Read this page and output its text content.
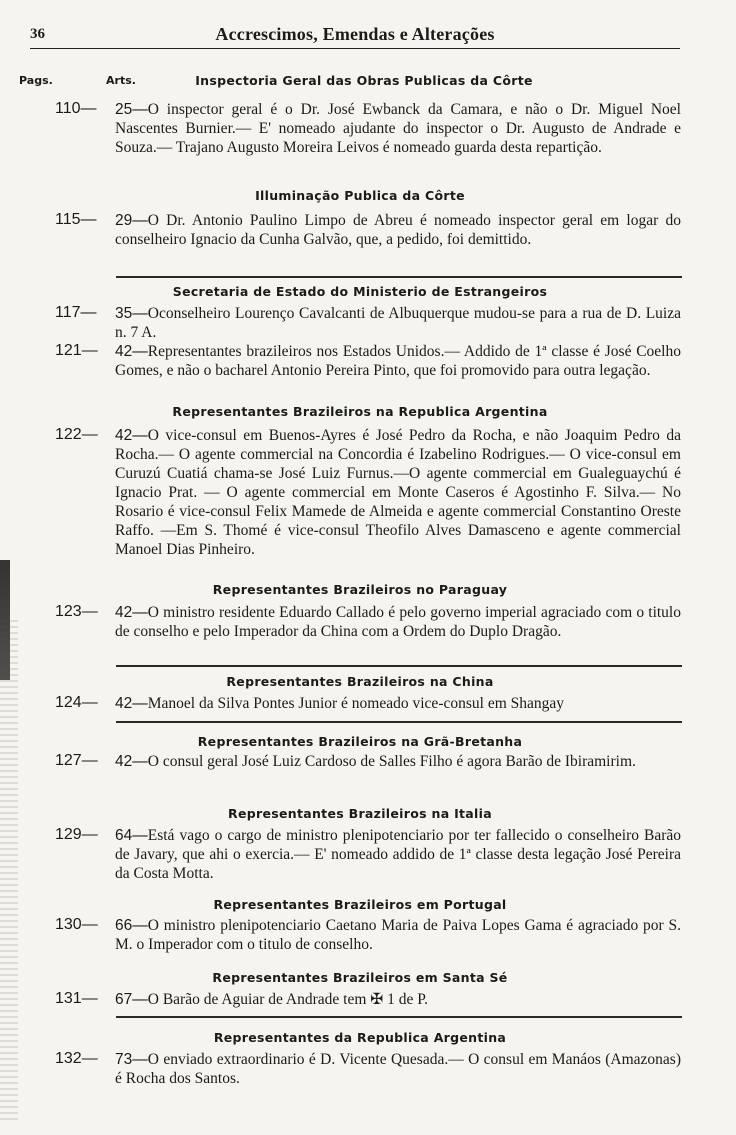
36	Accrescimos, Emendas e Alterações
Pags.	Arts.	Inspectoria Geral das Obras Publicas da Côrte
110— 25—O inspector geral é o Dr. José Ewbanck da Camara, e não o Dr. Miguel Noel Nascentes Burnier.— E' nomeado ajudante do inspector o Dr. Augusto de Andrade e Souza.— Trajano Augusto Moreira Leivos é nomeado guarda desta repartição.
Illuminação Publica da Côrte
115— 29—O Dr. Antonio Paulino Limpo de Abreu é nomeado inspector geral em logar do conselheiro Ignacio da Cunha Galvão, que, a pedido, foi demittido.
Secretaria de Estado do Ministerio de Estrangeiros
117— 35—Oconselheiro Lourenço Cavalcanti de Albuquerque mudou-se para a rua de D. Luiza n. 7 A.
121— 42—Representantes brazileiros nos Estados Unidos.— Addido de 1ª classe é José Coelho Gomes, e não o bacharel Antonio Pereira Pinto, que foi promovido para outra legação.
Representantes Brazileiros na Republica Argentina
122— 42—O vice-consul em Buenos-Ayres é José Pedro da Rocha, e não Joaquim Pedro da Rocha.— O agente commercial na Concordia é Izabelino Rodrigues.— O vice-consul em Curuzú Cuatiá chama-se José Luiz Furnus.—O agente commercial em Gualeguaychú é Ignacio Prat. — O agente commercial em Monte Caseros é Agostinho F. Silva.— No Rosario é vice-consul Felix Mamede de Almeida e agente commercial Constantino Oreste Raffo. —Em S. Thomé é vice-consul Theofilo Alves Damasceno e agente commercial Manoel Dias Pinheiro.
Representantes Brazileiros no Paraguay
123— 42—O ministro residente Eduardo Callado é pelo governo imperial agraciado com o titulo de conselho e pelo Imperador da China com a Ordem do Duplo Dragão.
Representantes Brazileiros na China
124— 42—Manoel da Silva Pontes Junior é nomeado vice-consul em Shangay
Representantes Brazileiros na Grã-Bretanha
127— 42—O consul geral José Luiz Cardoso de Salles Filho é agora Barão de Ibiramirim.
Representantes Brazileiros na Italia
129— 64—Está vago o cargo de ministro plenipotenciario por ter fallecido o conselheiro Barão de Javary, que ahi o exercia.— E' nomeado addido de 1ª classe desta legação José Pereira da Costa Motta.
Representantes Brazileiros em Portugal
130— 66—O ministro plenipotenciario Caetano Maria de Paiva Lopes Gama é agraciado por S. M. o Imperador com o titulo de conselho.
Representantes Brazileiros em Santa Sé
131— 67—O Barão de Aguiar de Andrade tem ✠ 1 de P.
Representantes da Republica Argentina
132— 73—O enviado extraordinario é D. Vicente Quesada.— O consul em Manáos (Amazonas) é Rocha dos Santos.
